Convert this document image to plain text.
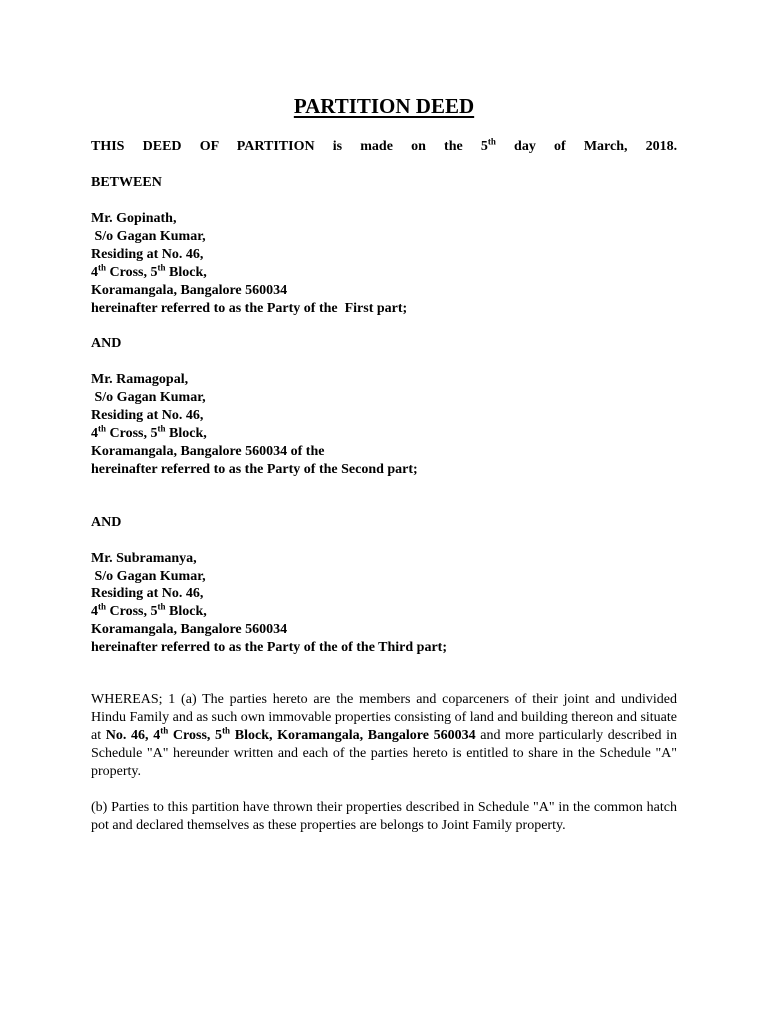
PARTITION DEED
THIS DEED OF PARTITION is made on the 5th day of March, 2018.
BETWEEN
Mr. Gopinath,
S/o Gagan Kumar,
Residing at No. 46,
4th Cross, 5th Block,
Koramangala, Bangalore 560034
hereinafter referred to as the Party of the  First part;
AND
Mr. Ramagopal,
S/o Gagan Kumar,
Residing at No. 46,
4th Cross, 5th Block,
Koramangala, Bangalore 560034 of the
hereinafter referred to as the Party of the Second part;
AND
Mr. Subramanya,
S/o Gagan Kumar,
Residing at No. 46,
4th Cross, 5th Block,
Koramangala, Bangalore 560034
hereinafter referred to as the Party of the of the Third part;
WHEREAS; 1 (a) The parties hereto are the members and coparceners of their joint and undivided Hindu Family and as such own immovable properties consisting of land and building thereon and situate at No. 46, 4th Cross, 5th Block, Koramangala, Bangalore 560034 and more particularly described in Schedule "A" hereunder written and each of the parties hereto is entitled to share in the Schedule "A" property.
(b) Parties to this partition have thrown their properties described in Schedule "A" in the common hatch pot and declared themselves as these properties are belongs to Joint Family property.
